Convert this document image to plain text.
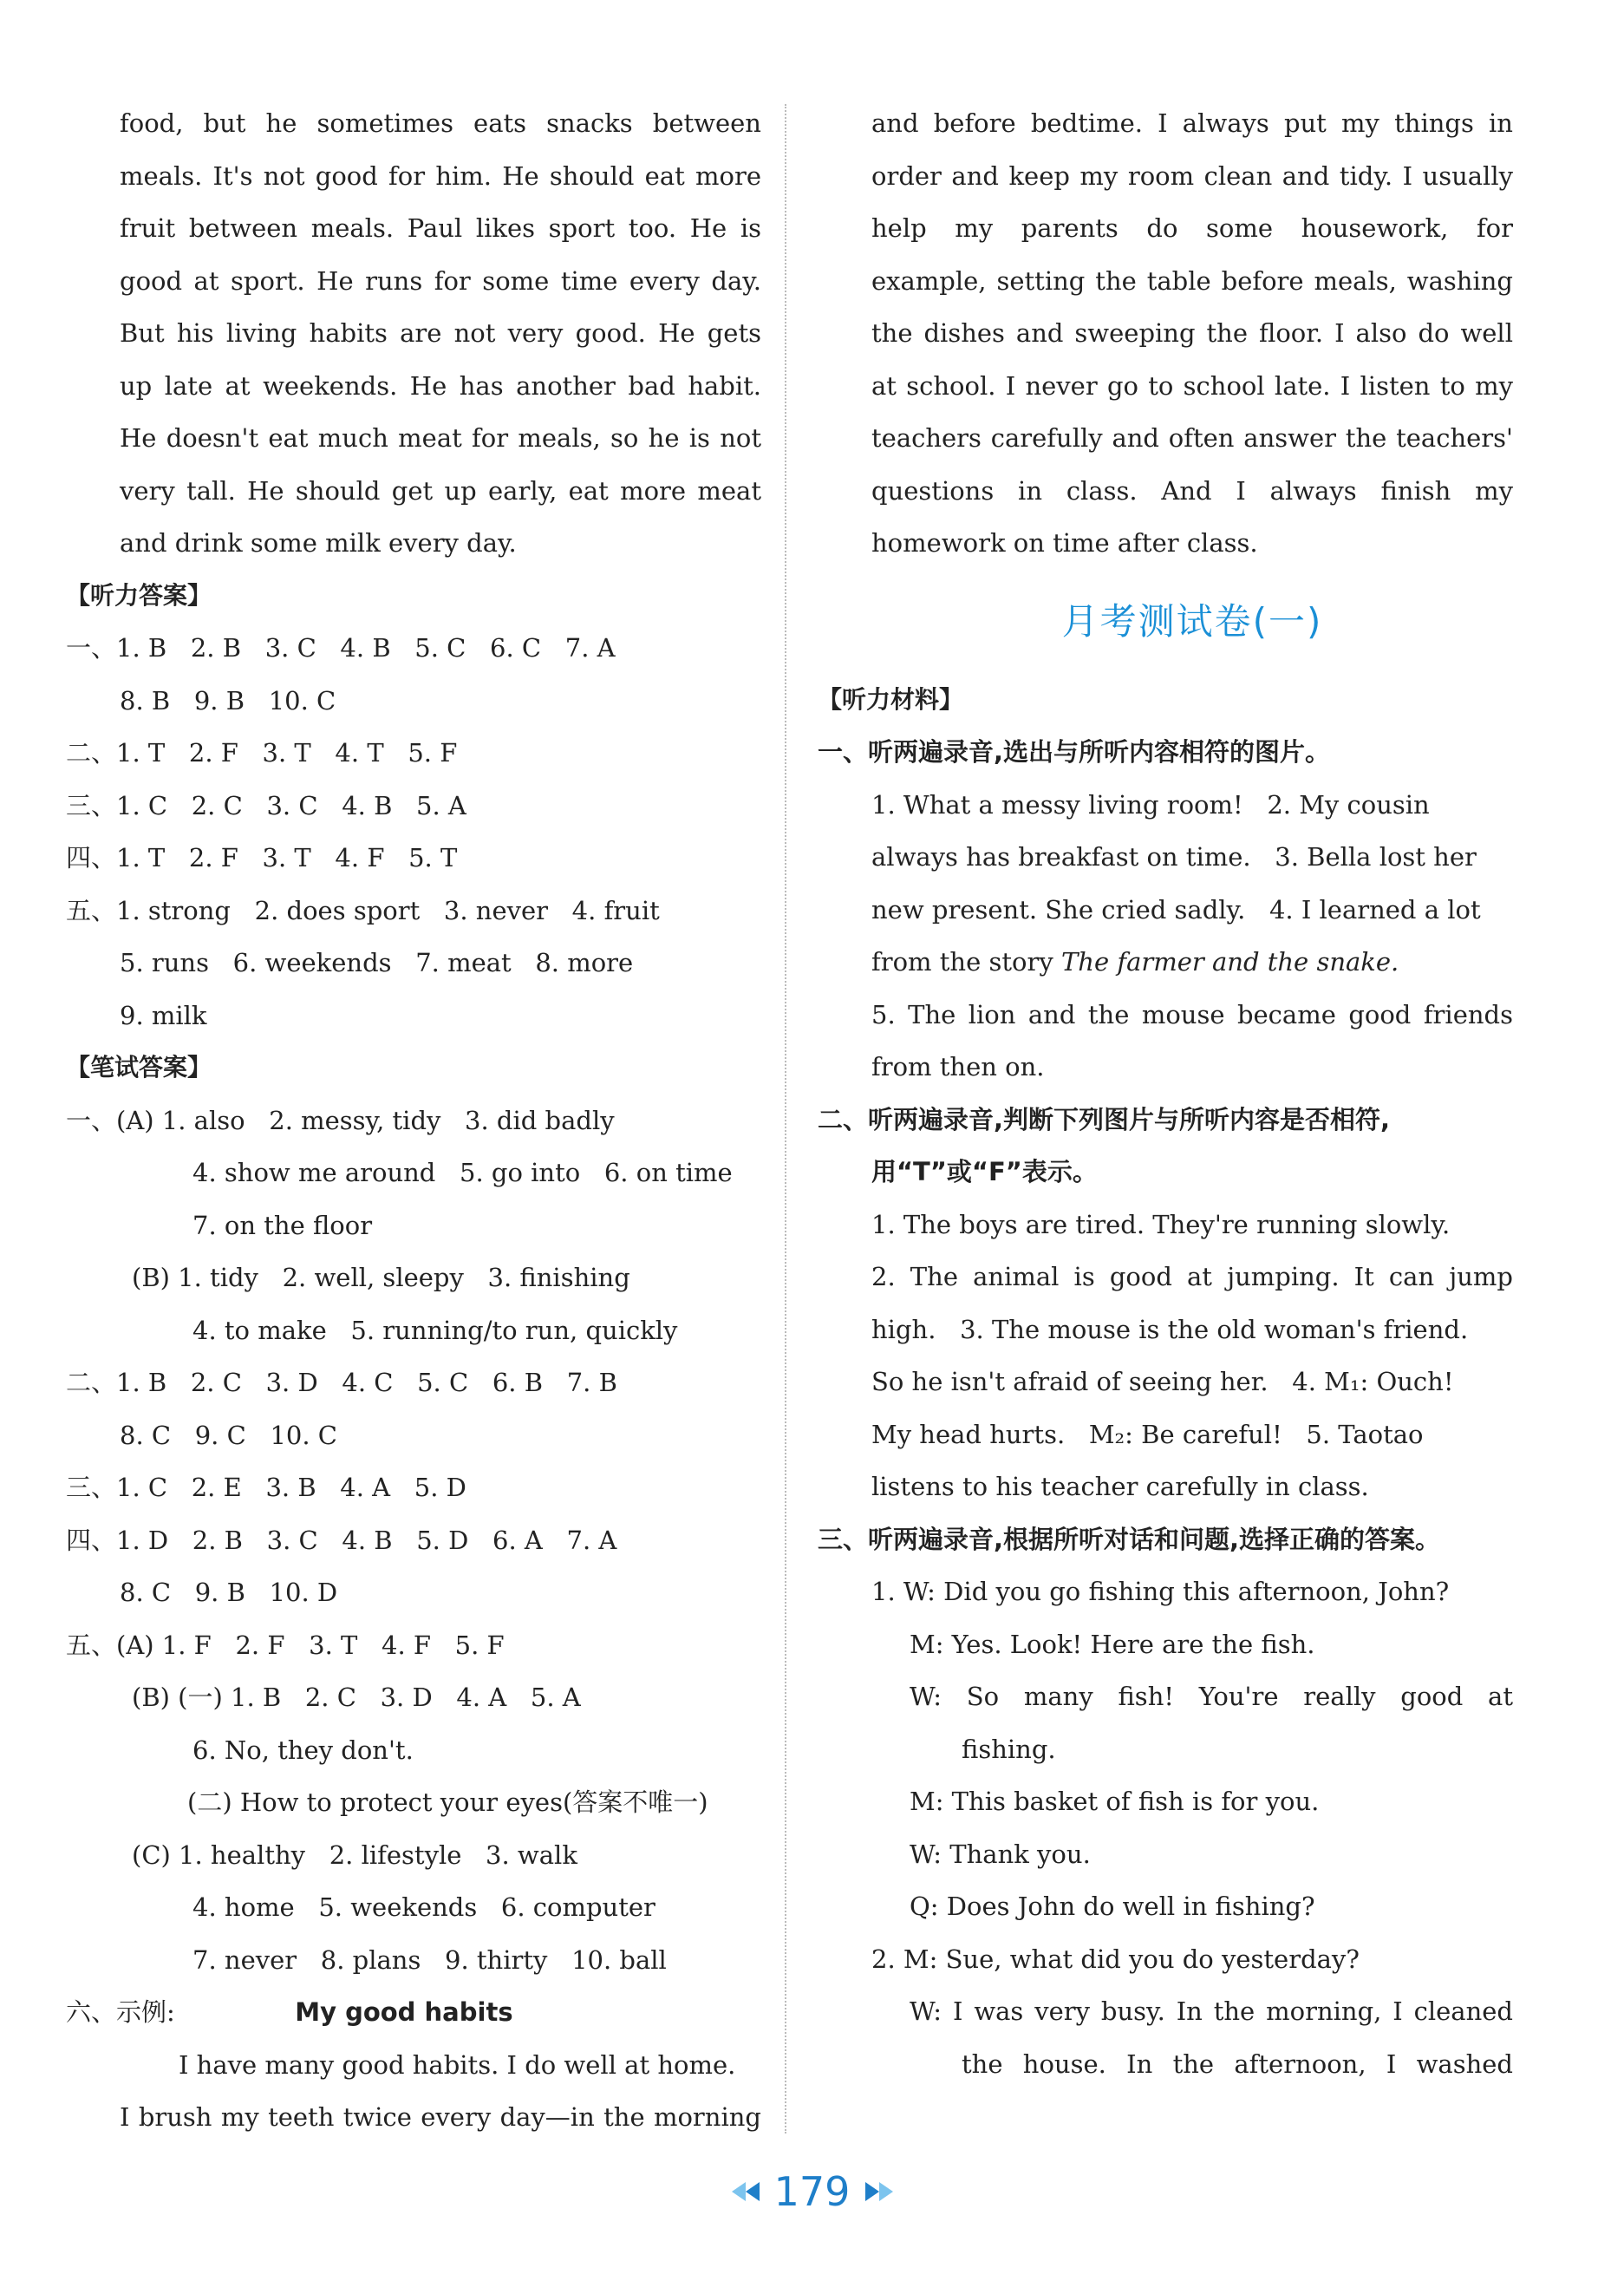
food, but he sometimes eats snacks between
meals. It's not good for him. He should eat more
fruit between meals. Paul likes sport too. He is
good at sport. He runs for some time every day.
But his living habits are not very good. He gets
up late at weekends. He has another bad habit.
He doesn't eat much meat for meals, so he is not
very tall. He should get up early, eat more meat
and drink some milk every day.
【听力答案】
一、1. B   2. B   3. C   4. B   5. C   6. C   7. A
8. B   9. B   10. C
二、1. T   2. F   3. T   4. T   5. F
三、1. C   2. C   3. C   4. B   5. A
四、1. T   2. F   3. T   4. F   5. T
五、1. strong   2. does sport   3. never   4. fruit
5. runs   6. weekends   7. meat   8. more
9. milk
【笔试答案】
一、(A) 1. also   2. messy, tidy   3. did badly
4. show me around   5. go into   6. on time
7. on the floor
(B) 1. tidy   2. well, sleepy   3. finishing
4. to make   5. running/to run, quickly
二、1. B   2. C   3. D   4. C   5. C   6. B   7. B
8. C   9. C   10. C
三、1. C   2. E   3. B   4. A   5. D
四、1. D   2. B   3. C   4. B   5. D   6. A   7. A
8. C   9. B   10. D
五、(A) 1. F   2. F   3. T   4. F   5. F
(B) (一) 1. B   2. C   3. D   4. A   5. A
6. No, they don't.
(二) How to protect your eyes(答案不唯一)
(C) 1. healthy   2. lifestyle   3. walk
4. home   5. weekends   6. computer
7. never   8. plans   9. thirty   10. ball
六、示例:	My good habits
I have many good habits. I do well at home.
I brush my teeth twice every day—in the morning
and before bedtime. I always put my things in
order and keep my room clean and tidy. I usually
help my parents do some housework, for
example, setting the table before meals, washing
the dishes and sweeping the floor. I also do well
at school. I never go to school late. I listen to my
teachers carefully and often answer the teachers'
questions in class. And I always finish my
homework on time after class.
月考测试卷(一)
【听力材料】
一、听两遍录音,选出与所听内容相符的图片。
1. What a messy living room!   2. My cousin
always has breakfast on time.   3. Bella lost her
new present. She cried sadly.   4. I learned a lot
from the story The farmer and the snake.
5. The lion and the mouse became good friends
from then on.
二、听两遍录音,判断下列图片与所听内容是否相符,
用“T”或“F”表示。
1. The boys are tired. They're running slowly.
2. The animal is good at jumping. It can jump
high.   3. The mouse is the old woman's friend.
So he isn't afraid of seeing her.   4. M₁: Ouch!
My head hurts.   M₂: Be careful!   5. Taotao
listens to his teacher carefully in class.
三、听两遍录音,根据所听对话和问题,选择正确的答案。
1. W: Did you go fishing this afternoon, John?
M: Yes. Look! Here are the fish.
W: So many fish! You're really good at
fishing.
M: This basket of fish is for you.
W: Thank you.
Q: Does John do well in fishing?
2. M: Sue, what did you do yesterday?
W: I was very busy. In the morning, I cleaned
the house. In the afternoon, I washed
179
